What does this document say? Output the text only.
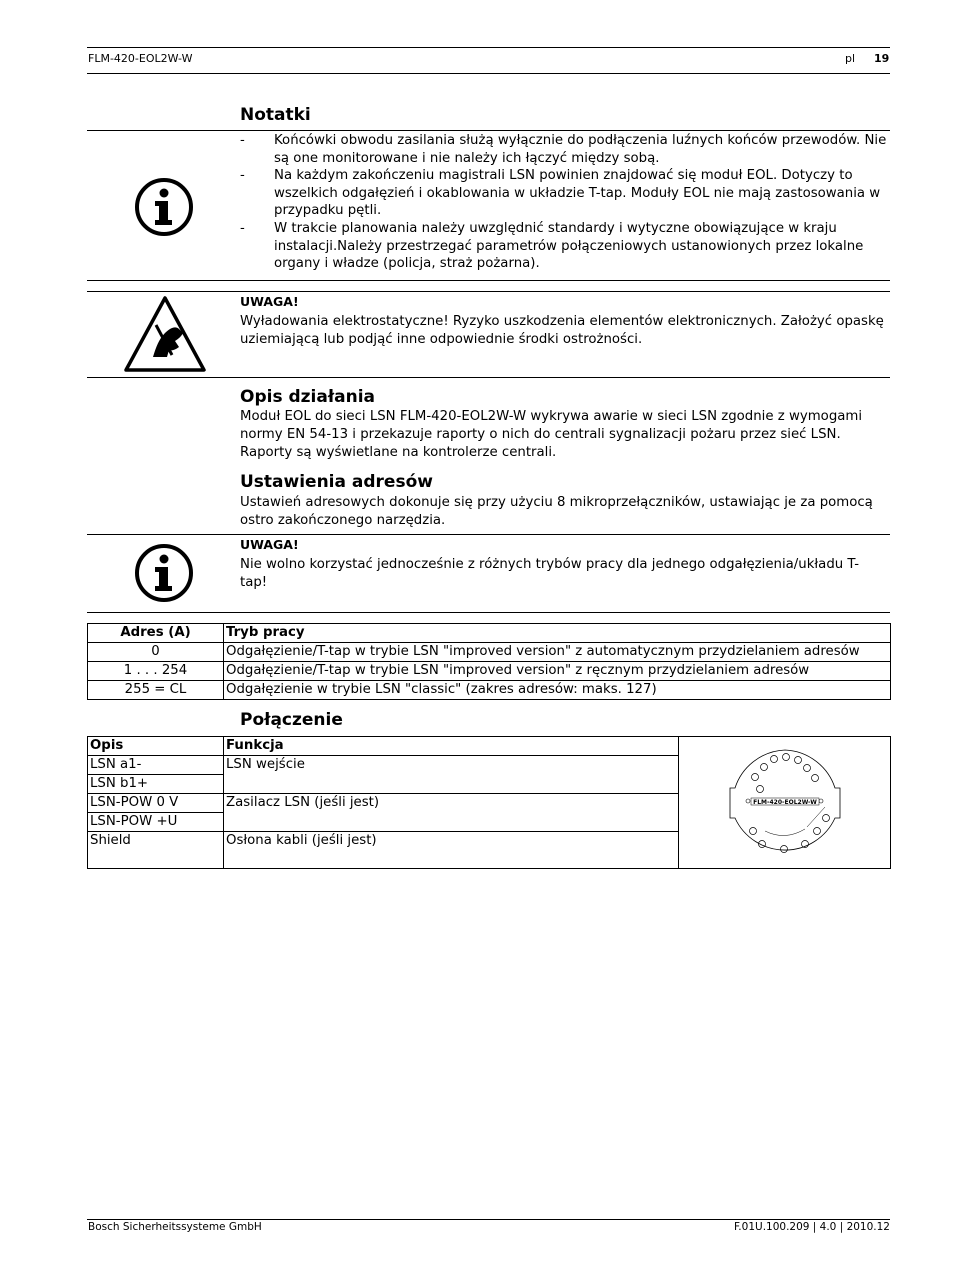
FLM-420-EOL2W-W	pl 19
Notatki
- Końcówki obwodu zasilania służą wyłącznie do podłączenia luźnych końców przewodów. Nie są one monitorowane i nie należy ich łączyć między sobą.
- Na każdym zakończeniu magistrali LSN powinien znajdować się moduł EOL. Dotyczy to wszelkich odgałęzień i okablowania w układzie T-tap. Moduły EOL nie mają zastosowania w przypadku pętli.
- W trakcie planowania należy uwzględnić standardy i wytyczne obowiązujące w kraju instalacji.Należy przestrzegać parametrów połączeniowych ustanowionych przez lokalne organy i władze (policja, straż pożarna).
UWAGA!
Wyładowania elektrostatyczne! Ryzyko uszkodzenia elementów elektronicznych. Założyć opaskę uziemiającą lub podjąć inne odpowiednie środki ostrożności.
Opis działania
Moduł EOL do sieci LSN FLM-420-EOL2W-W wykrywa awarie w sieci LSN zgodnie z wymogami normy EN 54-13 i przekazuje raporty o nich do centrali sygnalizacji pożaru przez sieć LSN. Raporty są wyświetlane na kontrolerze centrali.
Ustawienia adresów
Ustawień adresowych dokonuje się przy użyciu 8 mikroprzełączników, ustawiając je za pomocą ostro zakończonego narzędzia.
UWAGA!
Nie wolno korzystać jednocześnie z różnych trybów pracy dla jednego odgałęzienia/układu T-tap!
Adres (A)	Tryb pracy
0	Odgałęzienie/T-tap w trybie LSN "improved version" z automatycznym przydzielaniem adresów
1 . . . 254	Odgałęzienie/T-tap w trybie LSN "improved version" z ręcznym przydzielaniem adresów
255 = CL	Odgałęzienie w trybie LSN "classic" (zakres adresów: maks. 127)
Połączenie
Opis	Funkcja	FLM-420-EOL2W-W

LSN a1-	LSN wejście	
LSN b1+		
LSN-POW 0 V	Zasilacz LSN (jeśli jest)	
LSN-POW +U		
Shield	Osłona kabli (jeśli jest)	
Bosch Sicherheitssysteme GmbH	F.01U.100.209 | 4.0 | 2010.12
